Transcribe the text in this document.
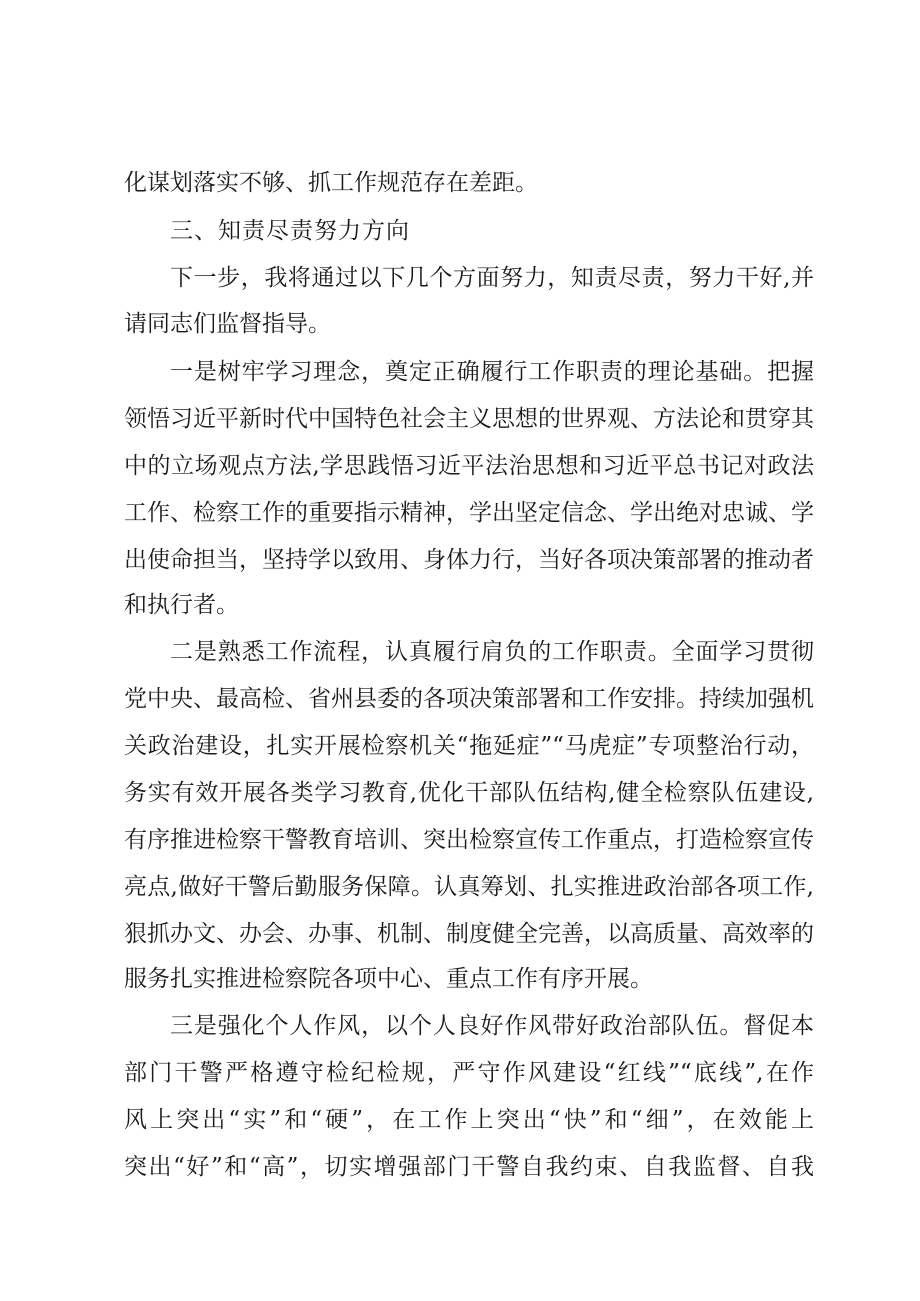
化谋划落实不够、抓工作规范存在差距。
三、知责尽责努力方向
下一步，我将通过以下几个方面努力，知责尽责，努力干好,并
请同志们监督指导。
一是树牢学习理念，奠定正确履行工作职责的理论基础。把握
领悟习近平新时代中国特色社会主义思想的世界观、方法论和贯穿其
中的立场观点方法,学思践悟习近平法治思想和习近平总书记对政法
工作、检察工作的重要指示精神，学出坚定信念、学出绝对忠诚、学
出使命担当，坚持学以致用、身体力行，当好各项决策部署的推动者
和执行者。
二是熟悉工作流程，认真履行肩负的工作职责。全面学习贯彻
党中央、最高检、省州县委的各项决策部署和工作安排。持续加强机
关政治建设，扎实开展检察机关“拖延症”“马虎症”专项整治行动，
务实有效开展各类学习教育,优化干部队伍结构,健全检察队伍建设,
有序推进检察干警教育培训、突出检察宣传工作重点，打造检察宣传
亮点,做好干警后勤服务保障。认真筹划、扎实推进政治部各项工作,
狠抓办文、办会、办事、机制、制度健全完善，以高质量、高效率的
服务扎实推进检察院各项中心、重点工作有序开展。
三是强化个人作风，以个人良好作风带好政治部队伍。督促本
部门干警严格遵守检纪检规，严守作风建设“红线”“底线”,在作
风上突出“实”和“硬”，在工作上突出“快”和“细”，在效能上
突出“好”和“高”，切实增强部门干警自我约束、自我监督、自我
